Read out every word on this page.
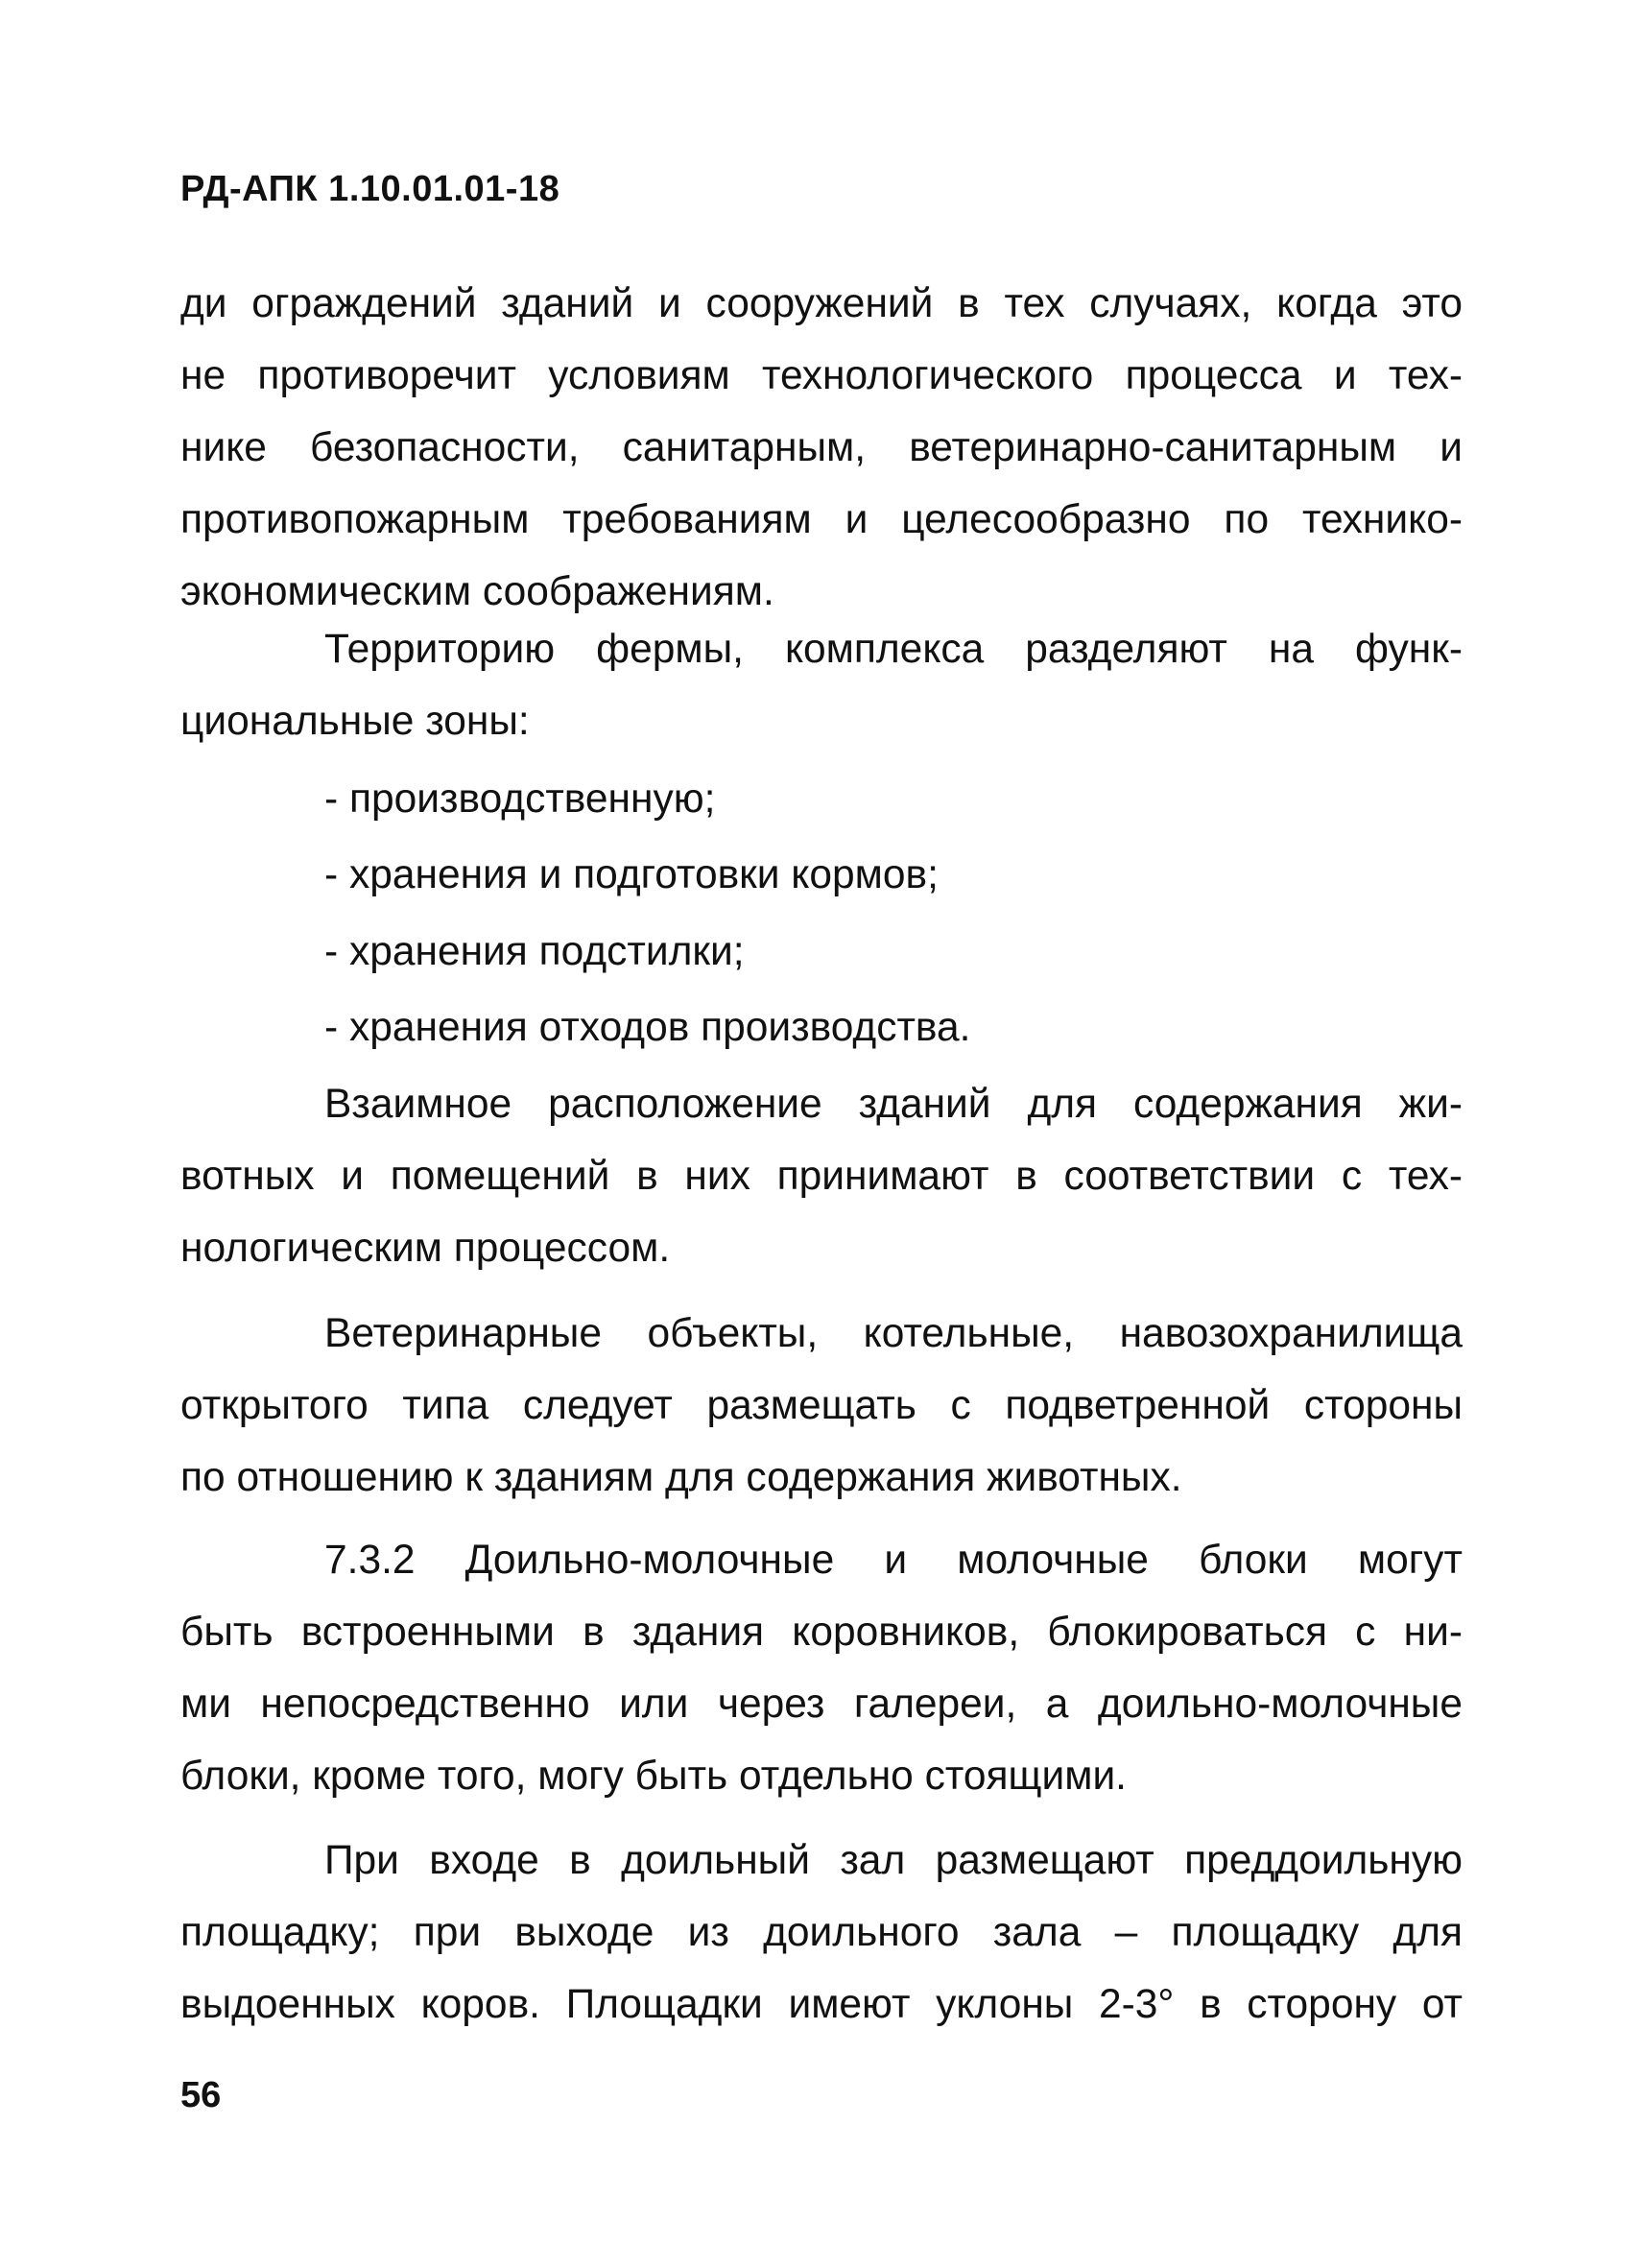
РД-АПК 1.10.01.01-18
ди ограждений зданий и сооружений в тех случаях, когда это
не противоречит условиям технологического процесса и тех-
нике безопасности, санитарным, ветеринарно-санитарным и
противопожарным требованиям и целесообразно по технико-
экономическим соображениям.
Территорию фермы, комплекса разделяют на функ-
циональные зоны:
- производственную;
- хранения и подготовки кормов;
- хранения подстилки;
- хранения отходов производства.
Взаимное расположение зданий для содержания жи-
вотных и помещений в них принимают в соответствии с тех-
нологическим процессом.
Ветеринарные объекты, котельные, навозохранилища
открытого типа следует размещать с подветренной стороны
по отношению к зданиям для содержания животных.
7.3.2 Доильно-молочные и молочные блоки могут
быть встроенными в здания коровников, блокироваться с ни-
ми непосредственно или через галереи, а доильно-молочные
блоки, кроме того, могу быть отдельно стоящими.
При входе в доильный зал размещают преддоильную
площадку; при выходе из доильного зала – площадку для
выдоенных коров. Площадки имеют уклоны 2-3° в сторону от
56
